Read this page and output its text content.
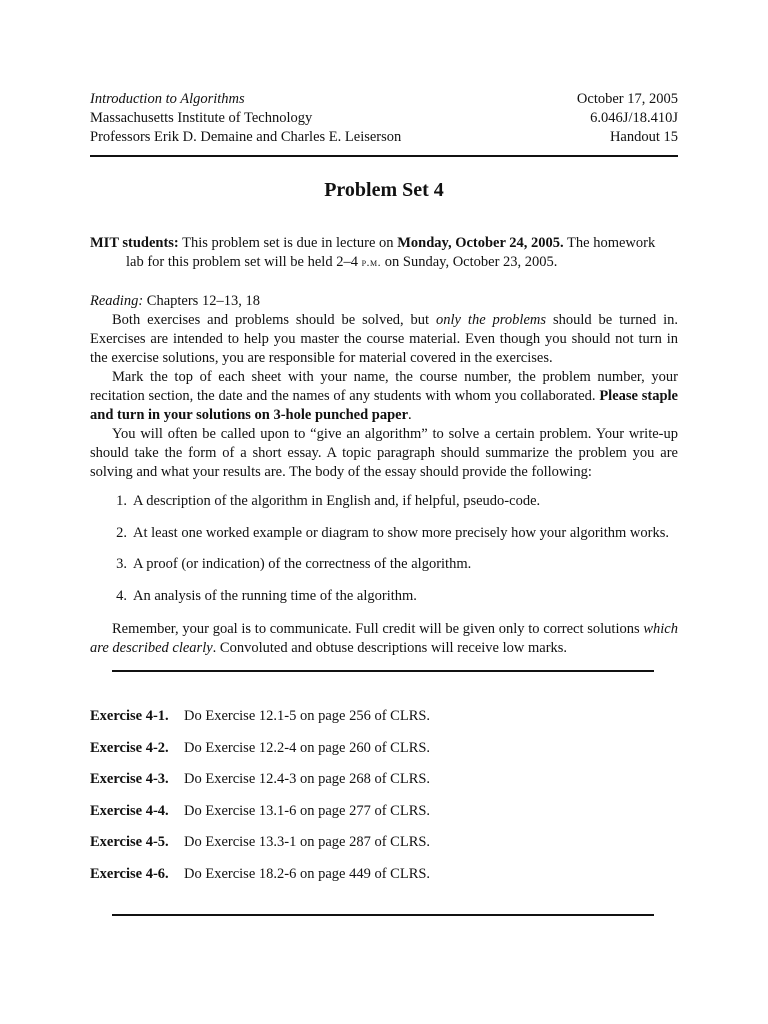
Introduction to Algorithms	October 17, 2005
Massachusetts Institute of Technology	6.046J/18.410J
Professors Erik D. Demaine and Charles E. Leiserson	Handout 15
Problem Set 4
MIT students: This problem set is due in lecture on Monday, October 24, 2005. The homework
lab for this problem set will be held 2–4 p.m. on Sunday, October 23, 2005.

Reading: Chapters 12–13, 18

Both exercises and problems should be solved, but only the problems should be turned in. Exercises are intended to help you master the course material. Even though you should not turn in the exercise solutions, you are responsible for material covered in the exercises.

Mark the top of each sheet with your name, the course number, the problem number, your recitation section, the date and the names of any students with whom you collaborated. Please staple and turn in your solutions on 3-hole punched paper.

You will often be called upon to “give an algorithm” to solve a certain problem. Your write-up should take the form of a short essay. A topic paragraph should summarize the problem you are solving and what your results are. The body of the essay should provide the following:

1. A description of the algorithm in English and, if helpful, pseudo-code.
2. At least one worked example or diagram to show more precisely how your algorithm works.
3. A proof (or indication) of the correctness of the algorithm.
4. An analysis of the running time of the algorithm.

Remember, your goal is to communicate. Full credit will be given only to correct solutions which are described clearly. Convoluted and obtuse descriptions will receive low marks.

Exercise 4-1.	Do Exercise 12.1-5 on page 256 of CLRS.
Exercise 4-2.	Do Exercise 12.2-4 on page 260 of CLRS.
Exercise 4-3.	Do Exercise 12.4-3 on page 268 of CLRS.
Exercise 4-4.	Do Exercise 13.1-6 on page 277 of CLRS.
Exercise 4-5.	Do Exercise 13.3-1 on page 287 of CLRS.
Exercise 4-6.	Do Exercise 18.2-6 on page 449 of CLRS.
